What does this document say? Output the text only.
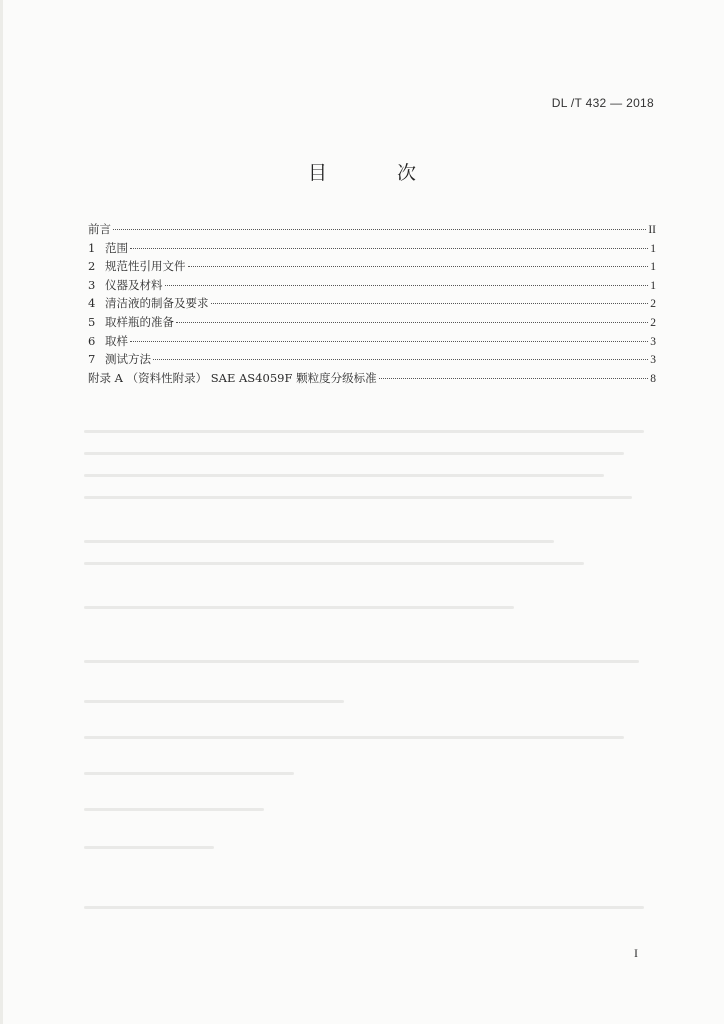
DL /T 432 — 2018
目 次
前言	II
1 范围	1
2 规范性引用文件	1
3 仪器及材料	1
4 清洁液的制备及要求	2
5 取样瓶的准备	2
6 取样	3
7 测试方法	3
附录 A （资料性附录） SAE AS4059F 颗粒度分级标准	8
I
